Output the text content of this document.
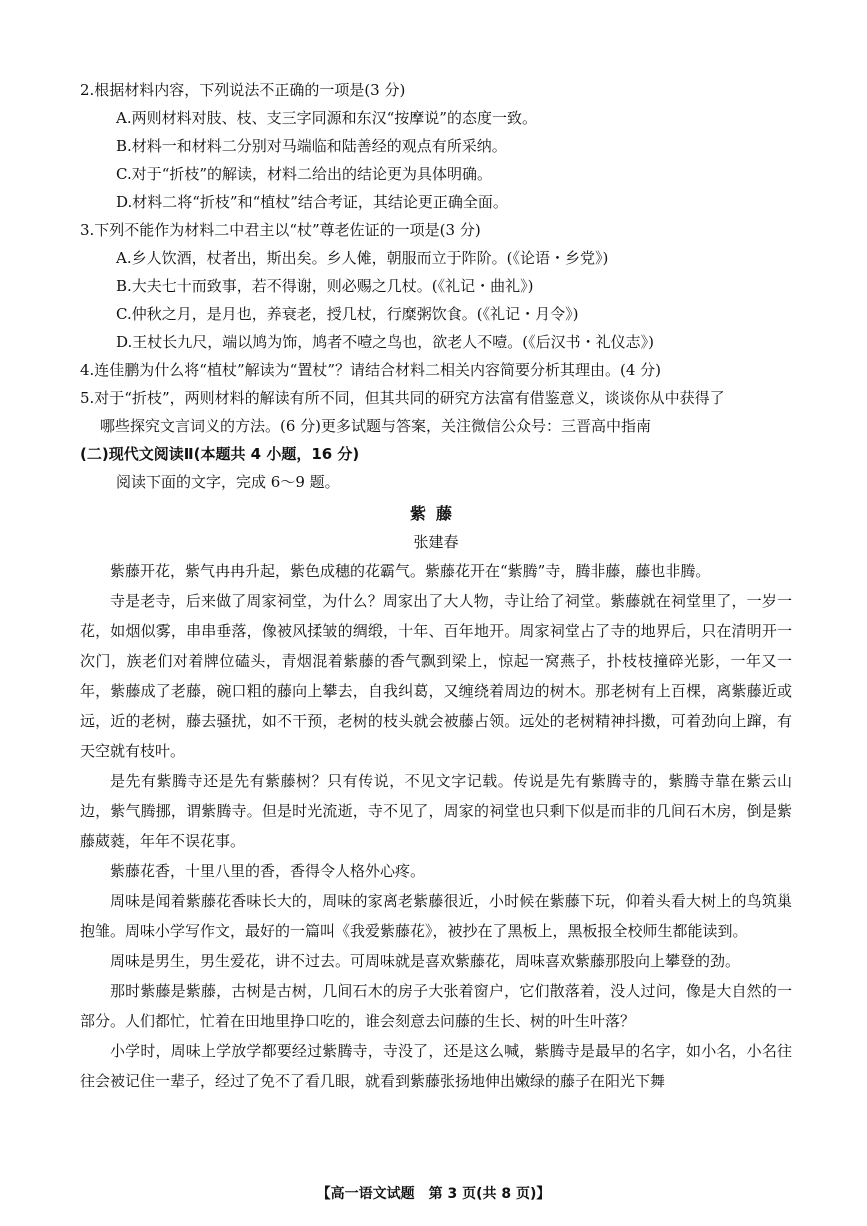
2.根据材料内容，下列说法不正确的一项是(3 分)

A.两则材料对肢、枝、支三字同源和东汉“按摩说”的态度一致。

B.材料一和材料二分别对马端临和陆善经的观点有所采纳。

C.对于“折枝”的解读，材料二给出的结论更为具体明确。

D.材料二将“折枝”和“植杖”结合考证，其结论更正确全面。

3.下列不能作为材料二中君主以“杖”尊老佐证的一项是(3 分)

A.乡人饮酒，杖者出，斯出矣。乡人傩，朝服而立于阼阶。(《论语・乡党》)

B.大夫七十而致事，若不得谢，则必赐之几杖。(《礼记・曲礼》)

C.仲秋之月，是月也，养衰老，授几杖，行糜粥饮食。(《礼记・月令》)

D.王杖长九尺，端以鸠为饰，鸠者不噎之鸟也，欲老人不噎。(《后汉书・礼仪志》)

4.连佳鹏为什么将“植杖”解读为“置杖”？请结合材料二相关内容简要分析其理由。(4 分)

5.对于“折枝”，两则材料的解读有所不同，但其共同的研究方法富有借鉴意义，谈谈你从中获得了

哪些探究文言词义的方法。(6 分)更多试题与答案，关注微信公众号：三晋高中指南

(二)现代文阅读Ⅱ(本题共 4 小题，16 分)

阅读下面的文字，完成 6～9 题。

紫藤

张建春

紫藤开花，紫气冉冉升起，紫色成穗的花霸气。紫藤花开在“紫腾”寺，腾非藤，藤也非腾。

寺是老寺，后来做了周家祠堂，为什么？周家出了大人物，寺让给了祠堂。紫藤就在祠堂里了，一岁一花，如烟似雾，串串垂落，像被风揉皱的绸缎，十年、百年地开。周家祠堂占了寺的地界后，只在清明开一次门，族老们对着牌位磕头，青烟混着紫藤的香气飘到梁上，惊起一窝燕子，扑枝枝撞碎光影，一年又一年，紫藤成了老藤，碗口粗的藤向上攀去，自我纠葛，又缠绕着周边的树木。那老树有上百棵，离紫藤近或远，近的老树，藤去骚扰，如不干预，老树的枝头就会被藤占领。远处的老树精神抖擞，可着劲向上蹿，有天空就有枝叶。

是先有紫腾寺还是先有紫藤树？只有传说，不见文字记载。传说是先有紫腾寺的，紫腾寺靠在紫云山边，紫气腾挪，谓紫腾寺。但是时光流逝，寺不见了，周家的祠堂也只剩下似是而非的几间石木房，倒是紫藤葳蕤，年年不误花事。

紫藤花香，十里八里的香，香得令人格外心疼。

周味是闻着紫藤花香味长大的，周味的家离老紫藤很近，小时候在紫藤下玩，仰着头看大树上的鸟筑巢抱雏。周味小学写作文，最好的一篇叫《我爱紫藤花》，被抄在了黑板上，黑板报全校师生都能读到。

周味是男生，男生爱花，讲不过去。可周味就是喜欢紫藤花，周味喜欢紫藤那股向上攀登的劲。

那时紫藤是紫藤，古树是古树，几间石木的房子大张着窗户，它们散落着，没人过问，像是大自然的一部分。人们都忙，忙着在田地里挣口吃的，谁会刻意去问藤的生长、树的叶生叶落？

小学时，周味上学放学都要经过紫腾寺，寺没了，还是这么喊，紫腾寺是最早的名字，如小名，小名往往会被记住一辈子，经过了免不了看几眼，就看到紫藤张扬地伸出嫩绿的藤子在阳光下舞

【高一语文试题　第 3 页(共 8 页)】
